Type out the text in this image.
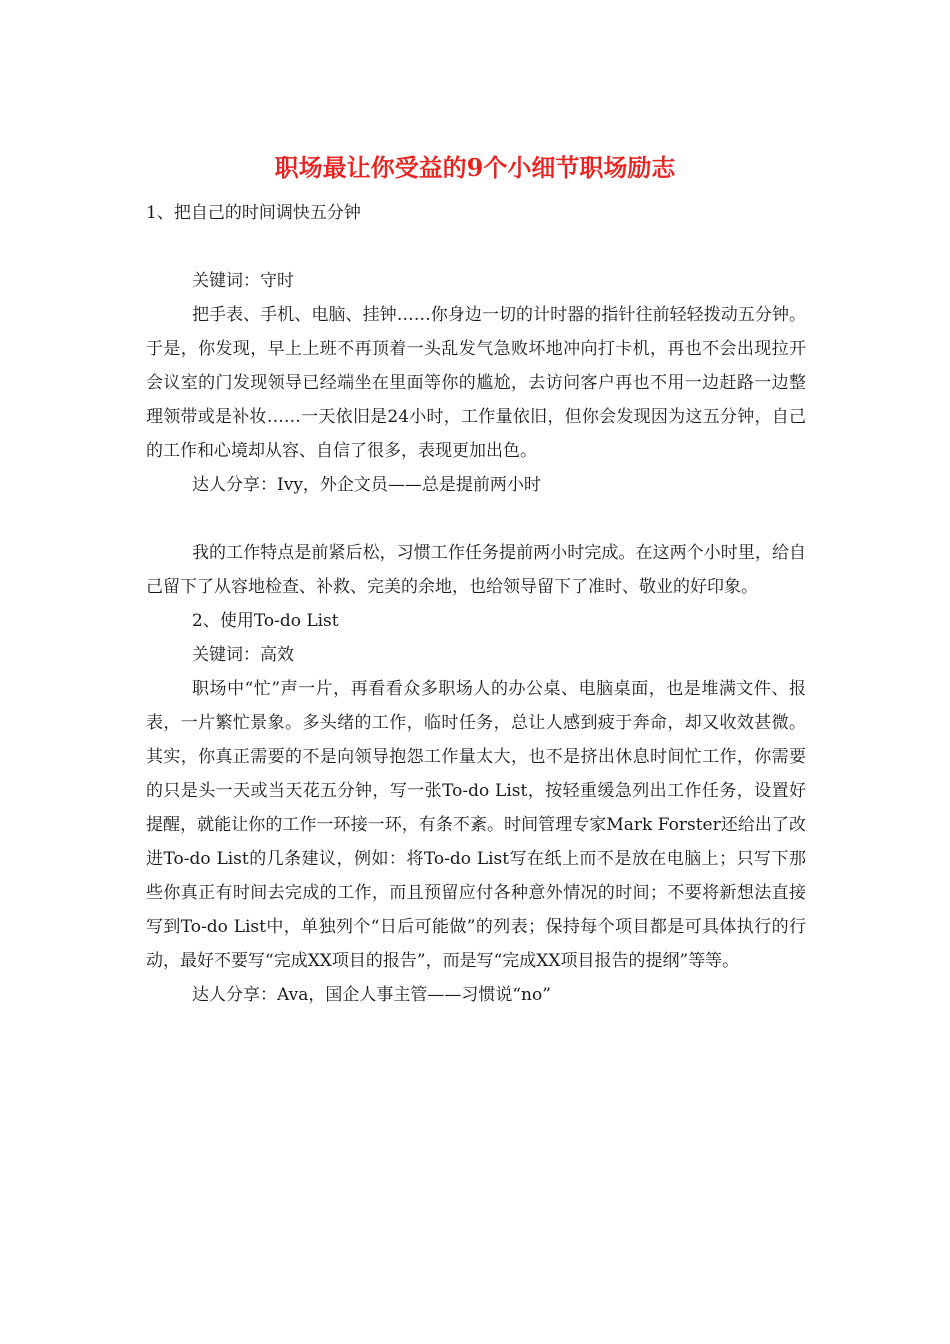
职场最让你受益的9个小细节职场励志

1、把自己的时间调快五分钟

关键词：守时

把手表、手机、电脑、挂钟……你身边一切的计时器的指针往前轻轻拨动五分钟。于是，你发现，早上上班不再顶着一头乱发气急败坏地冲向打卡机，再也不会出现拉开会议室的门发现领导已经端坐在里面等你的尴尬，去访问客户再也不用一边赶路一边整理领带或是补妆……一天依旧是24小时，工作量依旧，但你会发现因为这五分钟，自己的工作和心境却从容、自信了很多，表现更加出色。

达人分享：Ivy，外企文员——总是提前两小时

我的工作特点是前紧后松，习惯工作任务提前两小时完成。在这两个小时里，给自己留下了从容地检查、补救、完美的余地，也给领导留下了准时、敬业的好印象。

2、使用To-do List

关键词：高效

职场中“忙”声一片，再看看众多职场人的办公桌、电脑桌面，也是堆满文件、报表，一片繁忙景象。多头绪的工作，临时任务，总让人感到疲于奔命，却又收效甚微。其实，你真正需要的不是向领导抱怨工作量太大，也不是挤出休息时间忙工作，你需要的只是头一天或当天花五分钟，写一张To-do List，按轻重缓急列出工作任务，设置好提醒，就能让你的工作一环接一环，有条不紊。时间管理专家Mark Forster还给出了改进To-do List的几条建议，例如：将To-do List写在纸上而不是放在电脑上；只写下那些你真正有时间去完成的工作，而且预留应付各种意外情况的时间；不要将新想法直接写到To-do List中，单独列个“日后可能做”的列表；保持每个项目都是可具体执行的行动，最好不要写“完成XX项目的报告”，而是写“完成XX项目报告的提纲”等等。

达人分享：Ava，国企人事主管——习惯说“no”
